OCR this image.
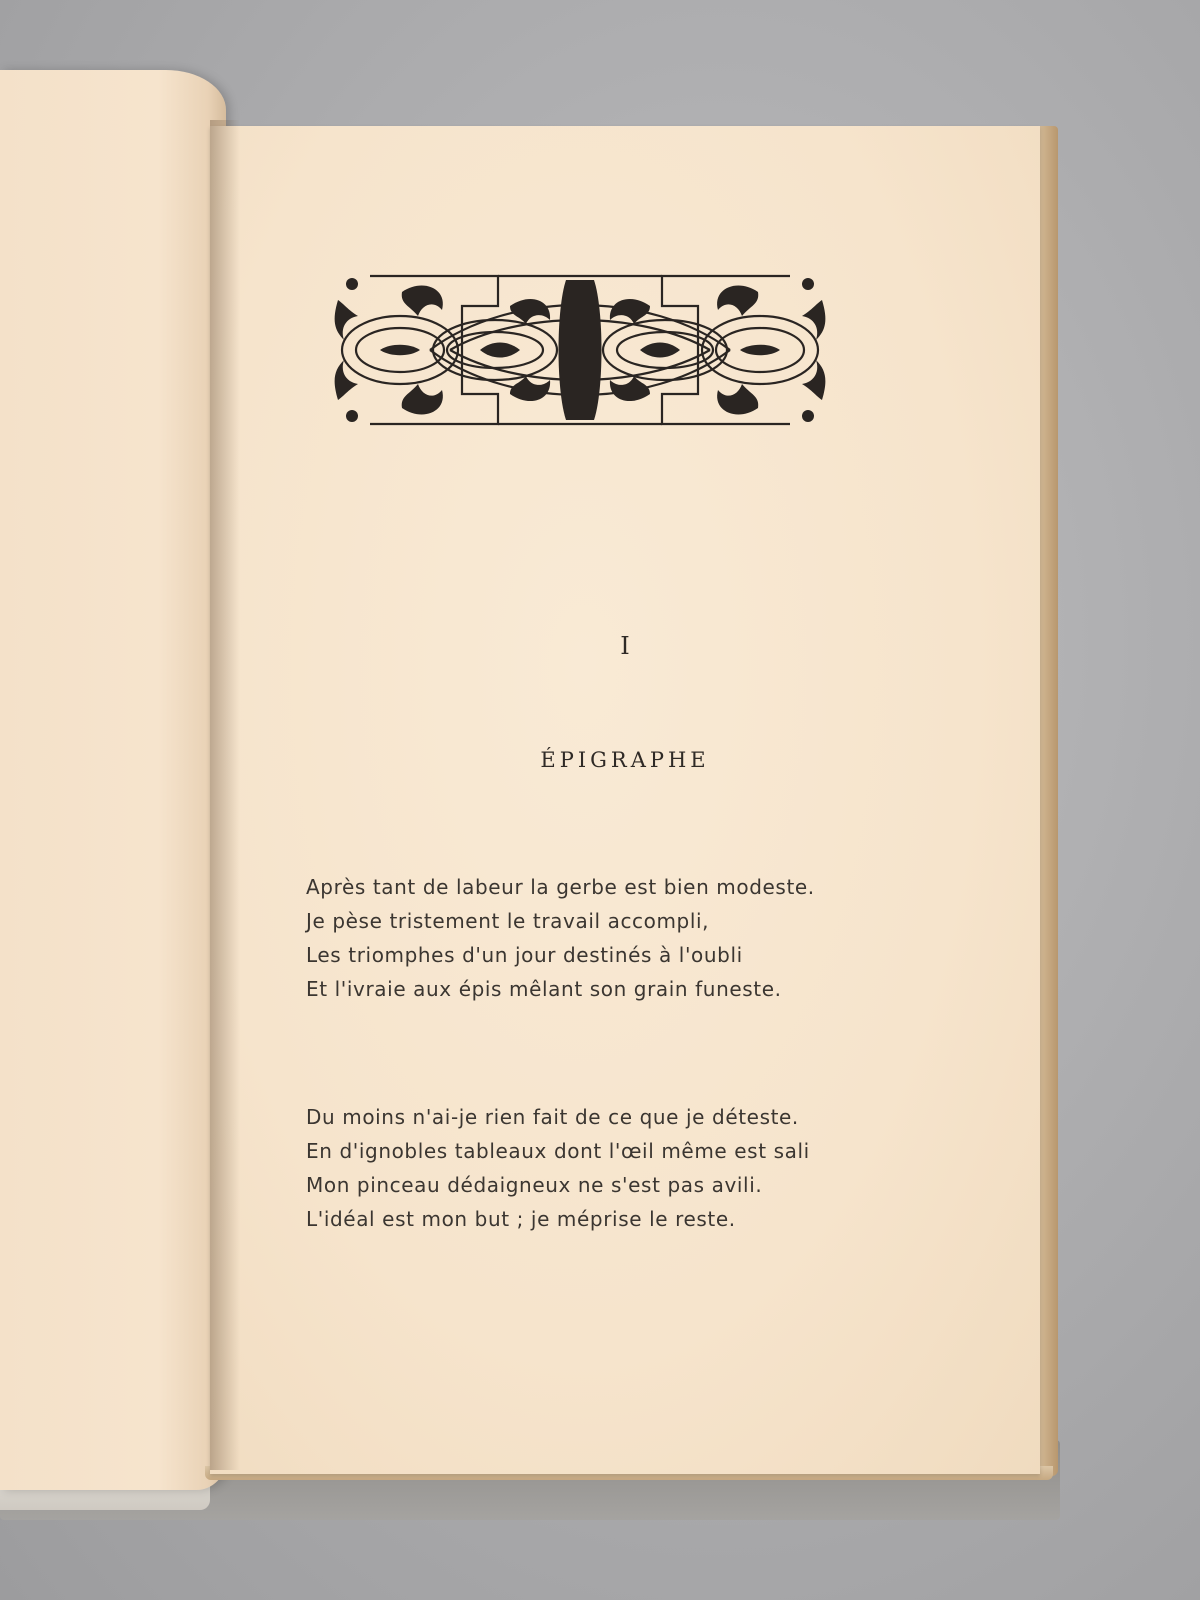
I
ÉPIGRAPHE
Après tant de labeur la gerbe est bien modeste.
Je pèse tristement le travail accompli,
Les triomphes d'un jour destinés à l'oubli
Et l'ivraie aux épis mêlant son grain funeste.
Du moins n'ai-je rien fait de ce que je déteste.
En d'ignobles tableaux dont l'œil même est sali
Mon pinceau dédaigneux ne s'est pas avili.
L'idéal est mon but ; je méprise le reste.
